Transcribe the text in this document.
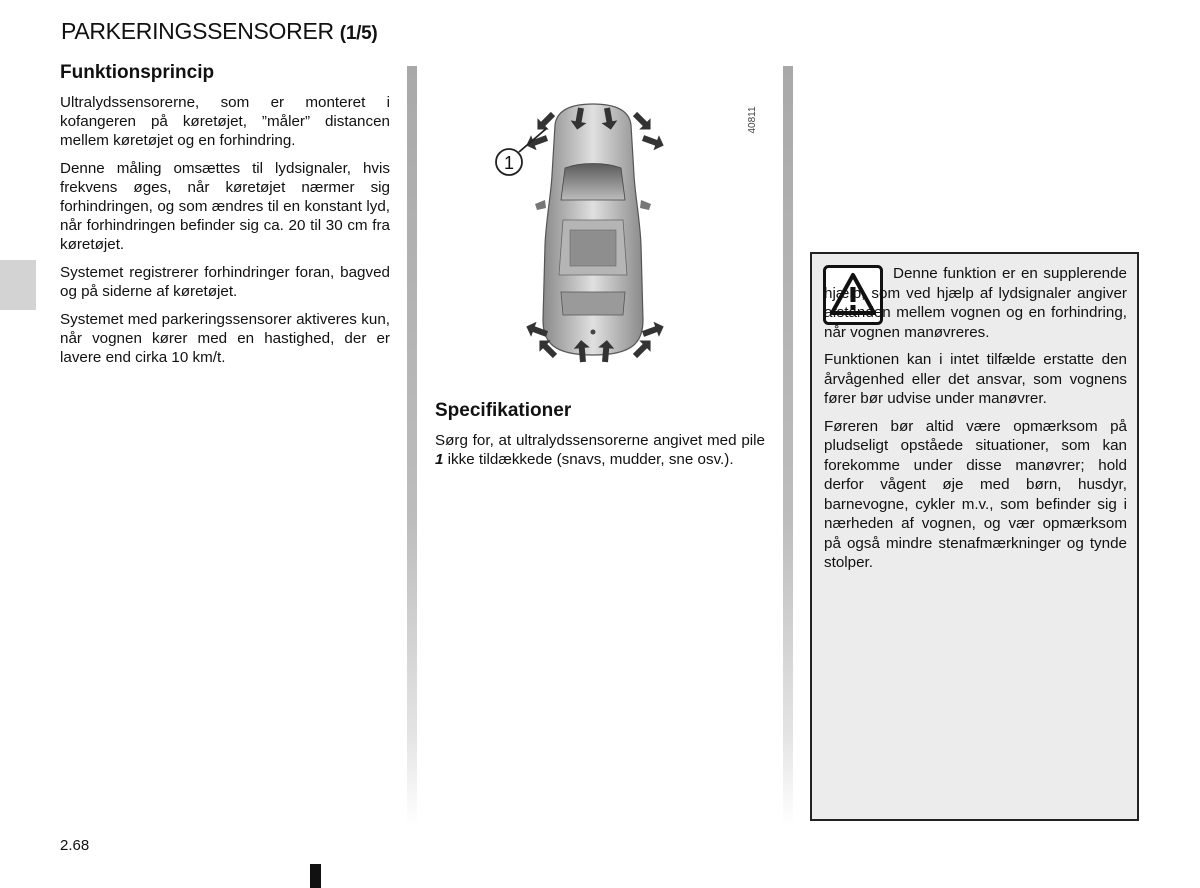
PARKERINGSSENSORER (1/5)
Funktionsprincip

Ultralydssensorerne, som er monteret i kofangeren på køretøjet, ”måler” distancen mellem køretøjet og en forhindring.

Denne måling omsættes til lydsignaler, hvis frekvens øges, når køretøjet nærmer sig forhindringen, og som ændres til en konstant lyd, når forhindringen befinder sig ca. 20 til 30 cm fra køretøjet.

Systemet registrerer forhindringer foran, bagved og på siderne af køretøjet.

Systemet med parkeringssensorer aktiveres kun, når vognen kører med en hastighed, der er lavere end cirka 10 km/t.

1
40811
Specifikationer

Sørg for, at ultralydssensorerne angivet med pile 1 ikke tildækkede (snavs, mudder, sne osv.).

Denne funktion er en supplerende hjælp, som ved hjælp af lydsignaler angiver afstanden mellem vognen og en forhindring, når vognen manøvreres.

Funktionen kan i intet tilfælde erstatte den årvågenhed eller det ansvar, som vognens fører bør udvise under manøvrer.

Føreren bør altid være opmærksom på pludseligt opståede situationer, som kan forekomme under disse manøvrer; hold derfor vågent øje med børn, husdyr, barnevogne, cykler m.v., som befinder sig i nærheden af vognen, og vær opmærksom på også mindre stenafmærkninger og tynde stolper.

2.68
